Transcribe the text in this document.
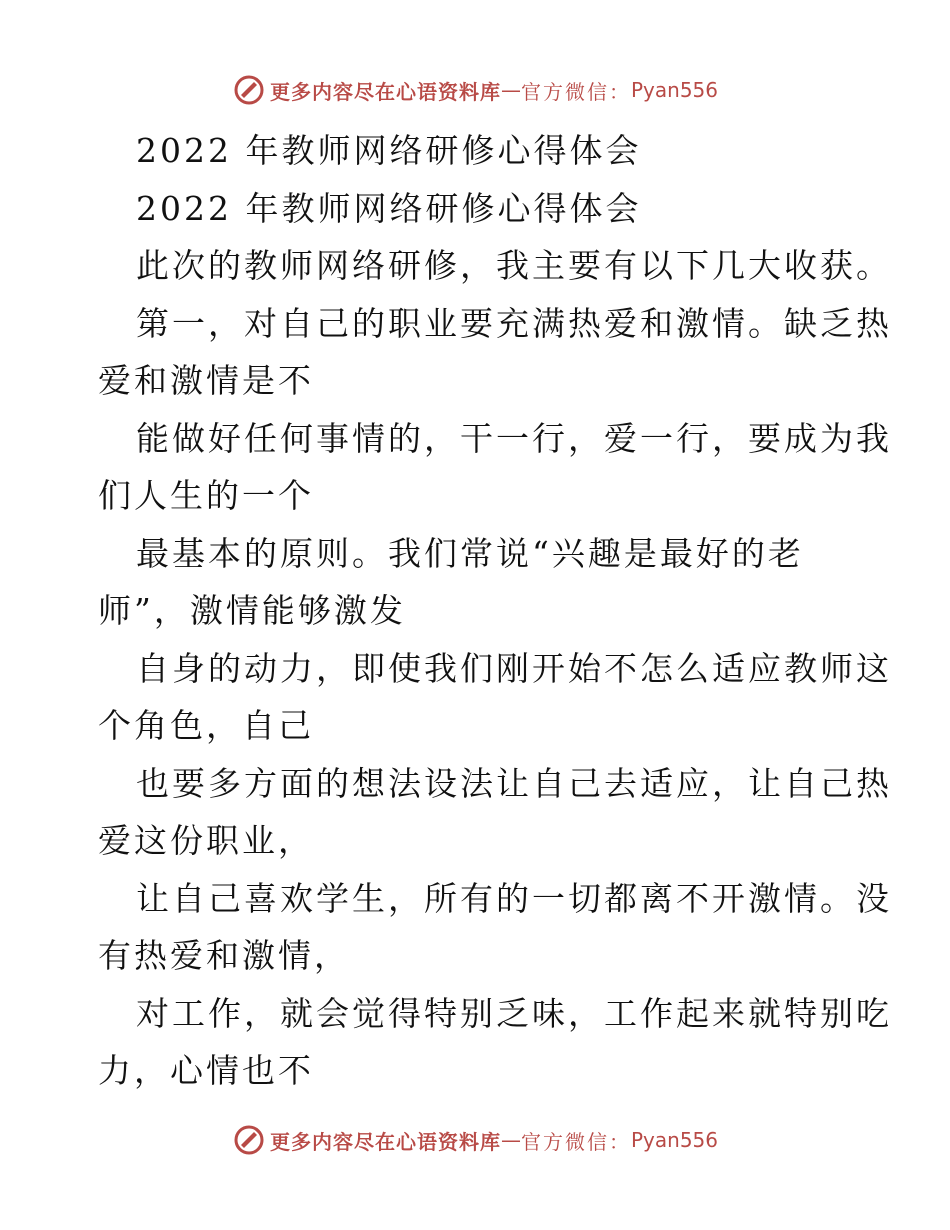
更多内容尽在心语资料库 — 官方微信： Pyan556
2022 年教师网络研修心得体会
2022 年教师网络研修心得体会
此次的教师网络研修，我主要有以下几大收获。
第一，对自己的职业要充满热爱和激情。缺乏热
爱和激情是不
能做好任何事情的，干一行，爱一行，要成为我
们人生的一个
最基本的原则。我们常说“兴趣是最好的老
师”，激情能够激发
自身的动力，即使我们刚开始不怎么适应教师这
个角色，自己
也要多方面的想法设法让自己去适应，让自己热
爱这份职业，
让自己喜欢学生，所有的一切都离不开激情。没
有热爱和激情，
对工作，就会觉得特别乏味，工作起来就特别吃
力，心情也不
更多内容尽在心语资料库 — 官方微信： Pyan556
